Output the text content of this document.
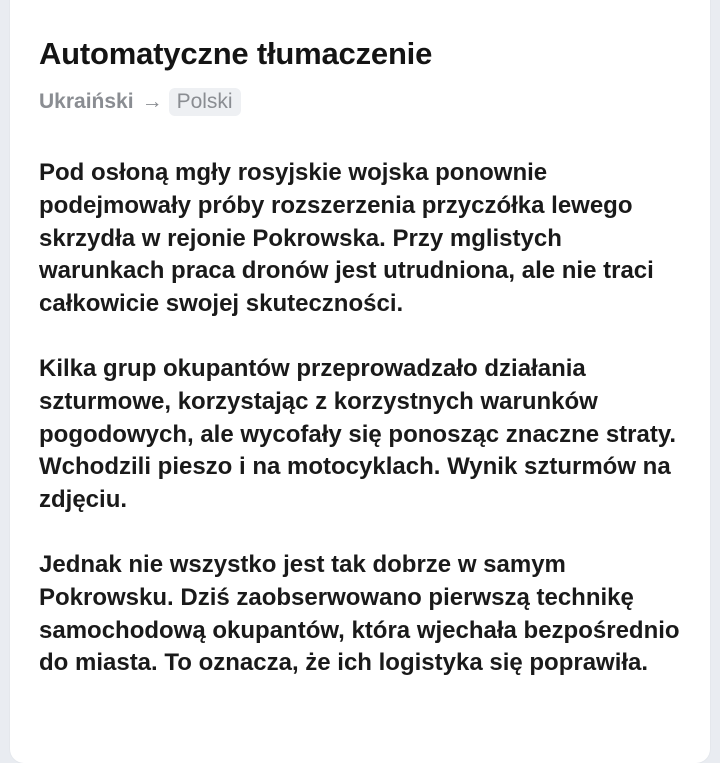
Automatyczne tłumaczenie
Ukraiński → Polski

Pod osłoną mgły rosyjskie wojska ponownie podejmowały próby rozszerzenia przyczółka lewego skrzydła w rejonie Pokrowska. Przy mglistych warunkach praca dronów jest utrudniona, ale nie traci całkowicie swojej skuteczności.

Kilka grup okupantów przeprowadzało działania szturmowe, korzystając z korzystnych warunków pogodowych, ale wycofały się ponosząc znaczne straty. Wchodzili pieszo i na motocyklach. Wynik szturmów na zdjęciu.

Jednak nie wszystko jest tak dobrze w samym Pokrowsku. Dziś zaobserwowano pierwszą technikę samochodową okupantów, która wjechała bezpośrednio do miasta. To oznacza, że ich logistyka się poprawiła.
